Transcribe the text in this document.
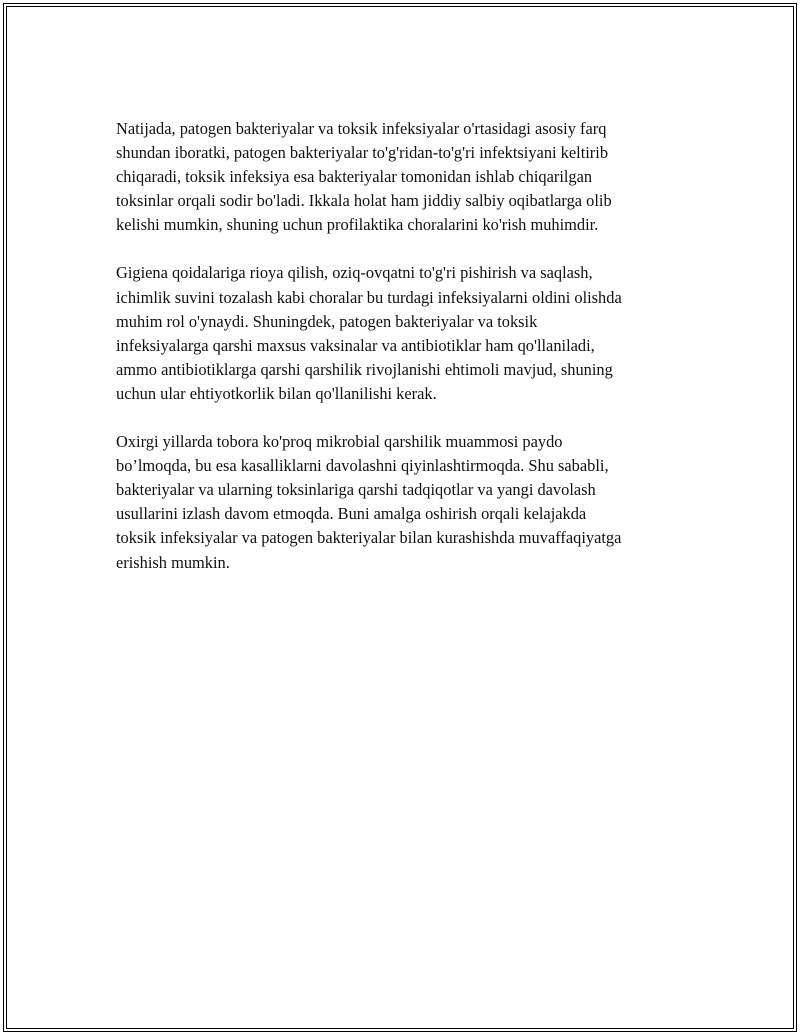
Natijada, patogen bakteriyalar va toksik infeksiyalar o'rtasidagi asosiy farq
shundan iboratki, patogen bakteriyalar to'g'ridan-to'g'ri infektsiyani keltirib
chiqaradi, toksik infeksiya esa bakteriyalar tomonidan ishlab chiqarilgan
toksinlar orqali sodir bo'ladi. Ikkala holat ham jiddiy salbiy oqibatlarga olib
kelishi mumkin, shuning uchun profilaktika choralarini ko'rish muhimdir.

Gigiena qoidalariga rioya qilish, oziq-ovqatni to'g'ri pishirish va saqlash,
ichimlik suvini tozalash kabi choralar bu turdagi infeksiyalarni oldini olishda
muhim rol o'ynaydi. Shuningdek, patogen bakteriyalar va toksik
infeksiyalarga qarshi maxsus vaksinalar va antibiotiklar ham qo'llaniladi,
ammo antibiotiklarga qarshi qarshilik rivojlanishi ehtimoli mavjud, shuning
uchun ular ehtiyotkorlik bilan qo'llanilishi kerak.

Oxirgi yillarda tobora ko'proq mikrobial qarshilik muammosi paydo
bo’lmoqda, bu esa kasalliklarni davolashni qiyinlashtirmoqda. Shu sababli,
bakteriyalar va ularning toksinlariga qarshi tadqiqotlar va yangi davolash
usullarini izlash davom etmoqda. Buni amalga oshirish orqali kelajakda
toksik infeksiyalar va patogen bakteriyalar bilan kurashishda muvaffaqiyatga
erishish mumkin.
